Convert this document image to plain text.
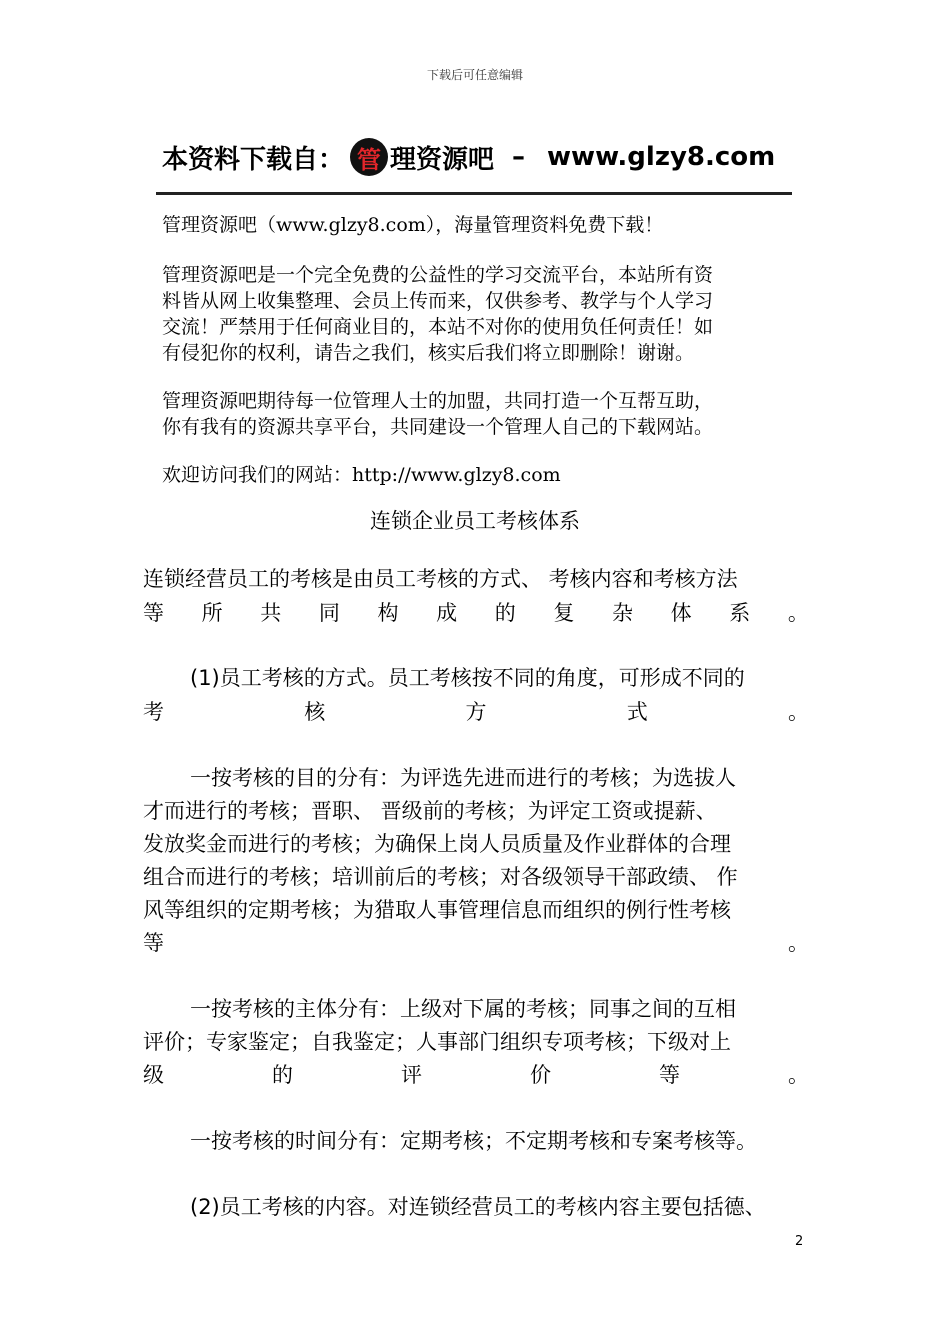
下载后可任意编辑
本资料下载自： 管 理资源吧 – www.glzy8.com
管理资源吧（www.glzy8.com），海量管理资料免费下载！
管理资源吧是一个完全免费的公益性的学习交流平台，本站所有资
料皆从网上收集整理、会员上传而来，仅供参考、教学与个人学习
交流！严禁用于任何商业目的，本站不对你的使用负任何责任！如
有侵犯你的权利，请告之我们，核实后我们将立即删除！谢谢。
管理资源吧期待每一位管理人士的加盟，共同打造一个互帮互助，
你有我有的资源共享平台，共同建设一个管理人自己的下载网站。
欢迎访问我们的网站：http://www.glzy8.com
连锁企业员工考核体系
连锁经营员工的考核是由员工考核的方式、 考核内容和考核方法
等 所 共 同 构 成 的 复 杂 体 系 。
(1)员工考核的方式。员工考核按不同的角度，可形成不同的
考	核	方	式	。
一按考核的目的分有：为评选先进而进行的考核；为选拔人
才而进行的考核；晋职、 晋级前的考核；为评定工资或提薪、
发放奖金而进行的考核；为确保上岗人员质量及作业群体的合理
组合而进行的考核；培训前后的考核；对各级领导干部政绩、 作
风等组织的定期考核；为猎取人事管理信息而组织的例行性考核
等	。
一按考核的主体分有：上级对下属的考核；同事之间的互相
评价；专家鉴定；自我鉴定；人事部门组织专项考核；下级对上
级	的	评	价	等	。
一按考核的时间分有：定期考核；不定期考核和专案考核等。
(2)员工考核的内容。对连锁经营员工的考核内容主要包括德、
2
